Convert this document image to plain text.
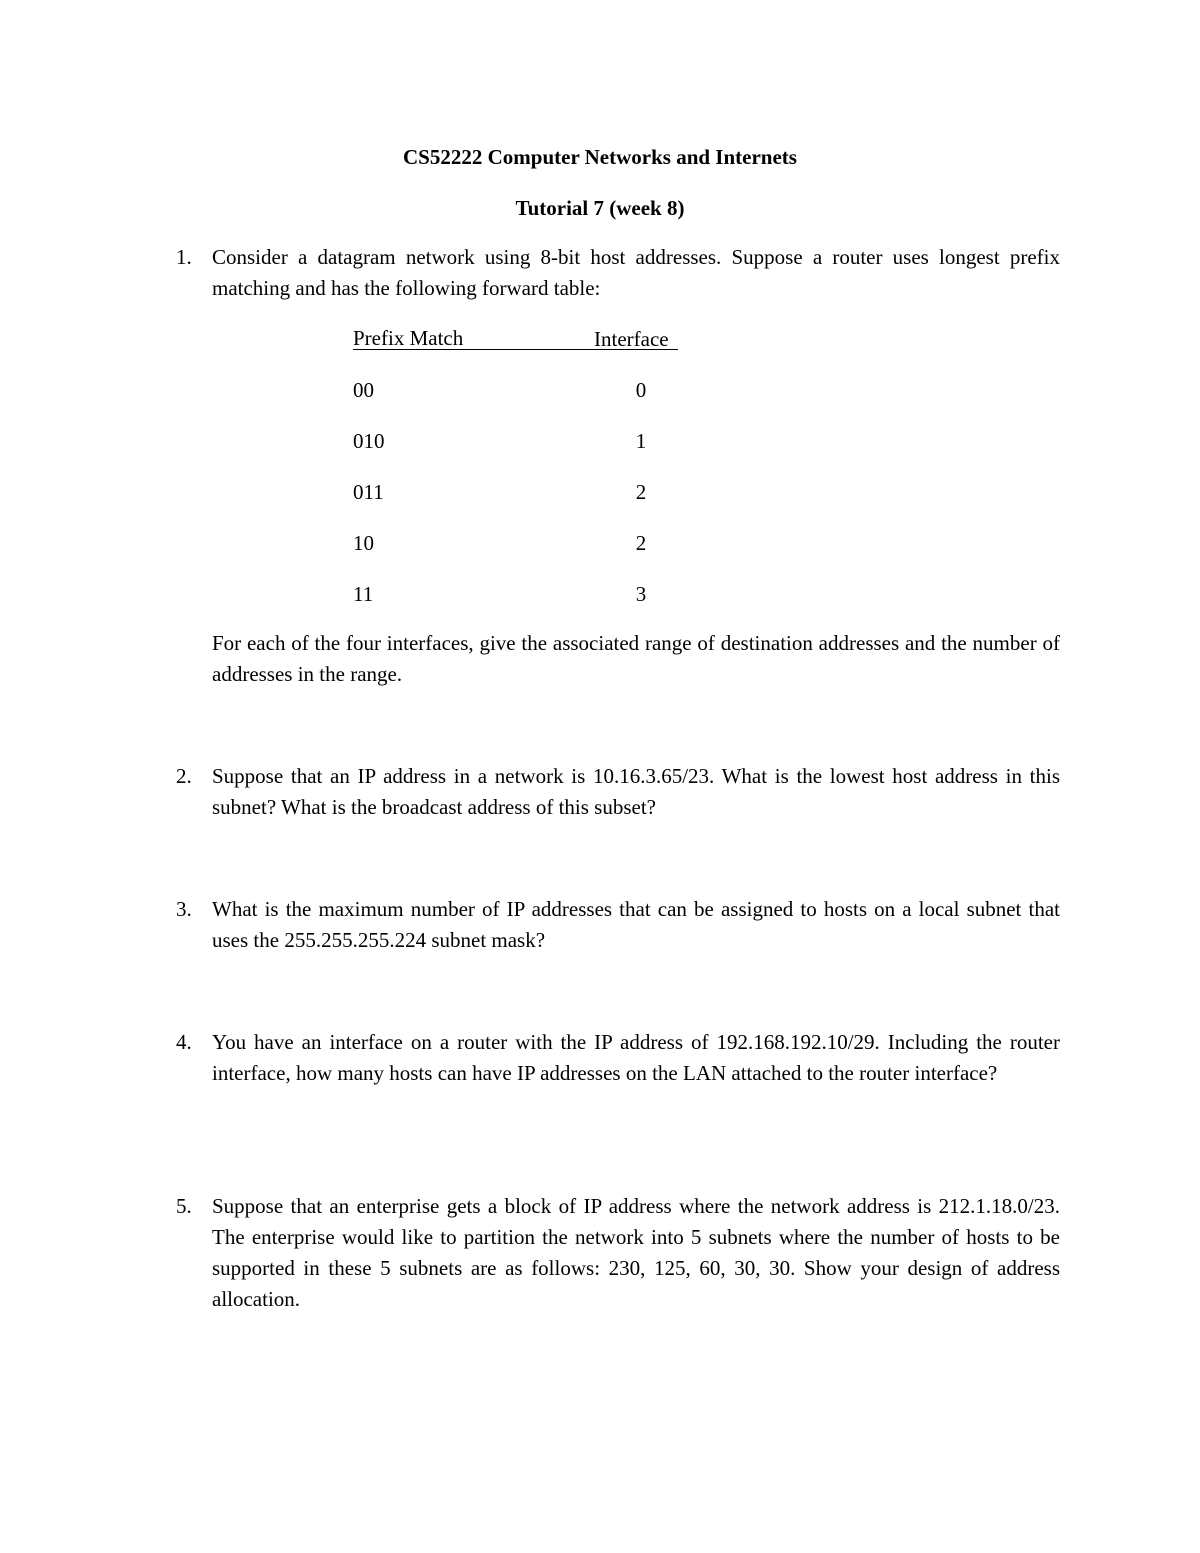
CS52222 Computer Networks and Internets
Tutorial 7 (week 8)
1. Consider a datagram network using 8-bit host addresses. Suppose a router uses longest prefix matching and has the following forward table:
Prefix Match	Interface
00	0
010	1
011	2
10	2
11	3
For each of the four interfaces, give the associated range of destination addresses and the number of addresses in the range.
2. Suppose that an IP address in a network is 10.16.3.65/23. What is the lowest host address in this subnet? What is the broadcast address of this subset?
3. What is the maximum number of IP addresses that can be assigned to hosts on a local subnet that uses the 255.255.255.224 subnet mask?
4. You have an interface on a router with the IP address of 192.168.192.10/29. Including the router interface, how many hosts can have IP addresses on the LAN attached to the router interface?
5. Suppose that an enterprise gets a block of IP address where the network address is 212.1.18.0/23. The enterprise would like to partition the network into 5 subnets where the number of hosts to be supported in these 5 subnets are as follows: 230, 125, 60, 30, 30. Show your design of address allocation.
